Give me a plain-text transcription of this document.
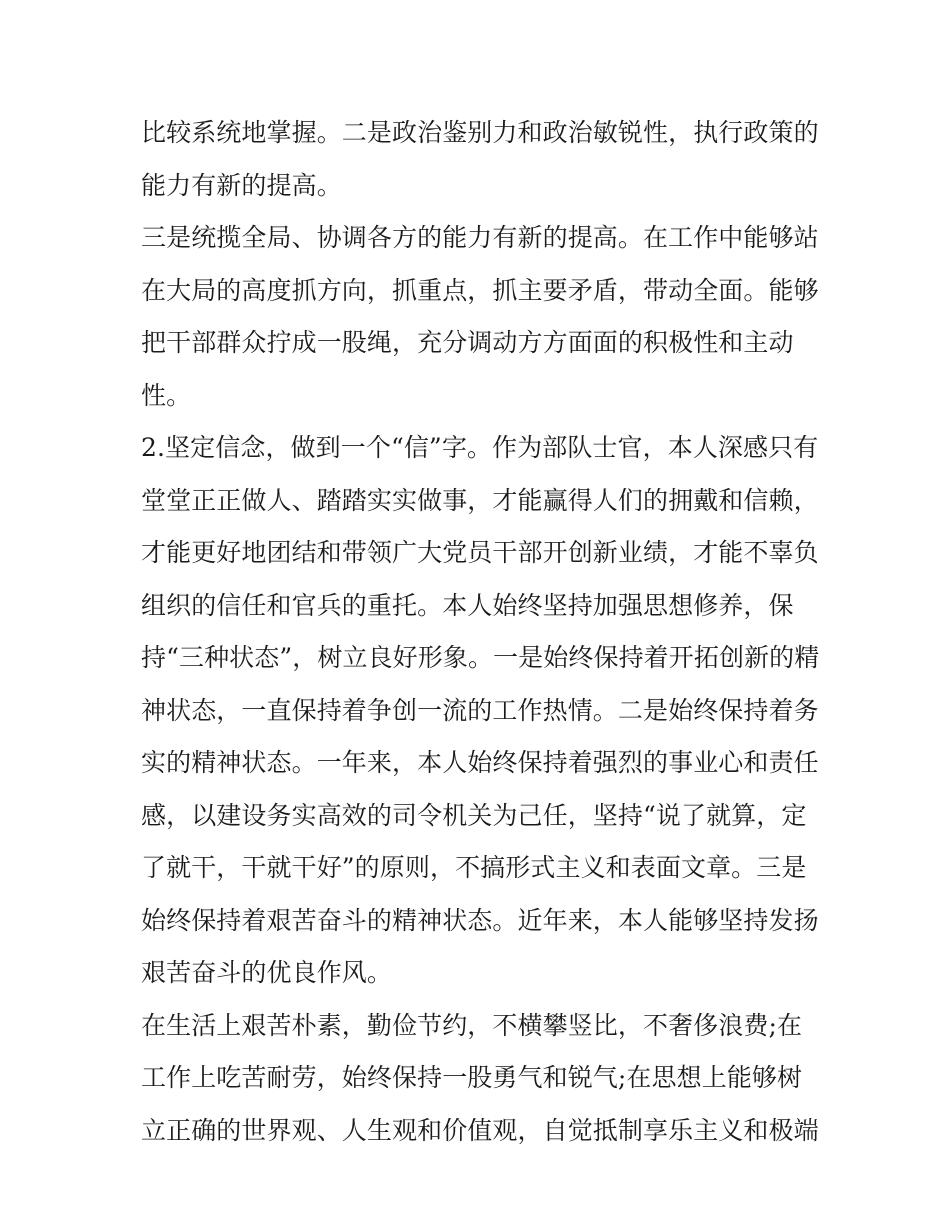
比较系统地掌握。二是政治鉴别力和政治敏锐性，执行政策的
能力有新的提高。
三是统揽全局、协调各方的能力有新的提高。在工作中能够站
在大局的高度抓方向，抓重点，抓主要矛盾，带动全面。能够
把干部群众拧成一股绳，充分调动方方面面的积极性和主动
性。
2.坚定信念，做到一个“信”字。作为部队士官，本人深感只有
堂堂正正做人、踏踏实实做事，才能赢得人们的拥戴和信赖，
才能更好地团结和带领广大党员干部开创新业绩，才能不辜负
组织的信任和官兵的重托。本人始终坚持加强思想修养，保
持“三种状态”，树立良好形象。一是始终保持着开拓创新的精
神状态，一直保持着争创一流的工作热情。二是始终保持着务
实的精神状态。一年来，本人始终保持着强烈的事业心和责任
感，以建设务实高效的司令机关为己任，坚持“说了就算，定
了就干，干就干好”的原则，不搞形式主义和表面文章。三是
始终保持着艰苦奋斗的精神状态。近年来，本人能够坚持发扬
艰苦奋斗的优良作风。
在生活上艰苦朴素，勤俭节约，不横攀竖比，不奢侈浪费;在
工作上吃苦耐劳，始终保持一股勇气和锐气;在思想上能够树
立正确的世界观、人生观和价值观，自觉抵制享乐主义和极端
